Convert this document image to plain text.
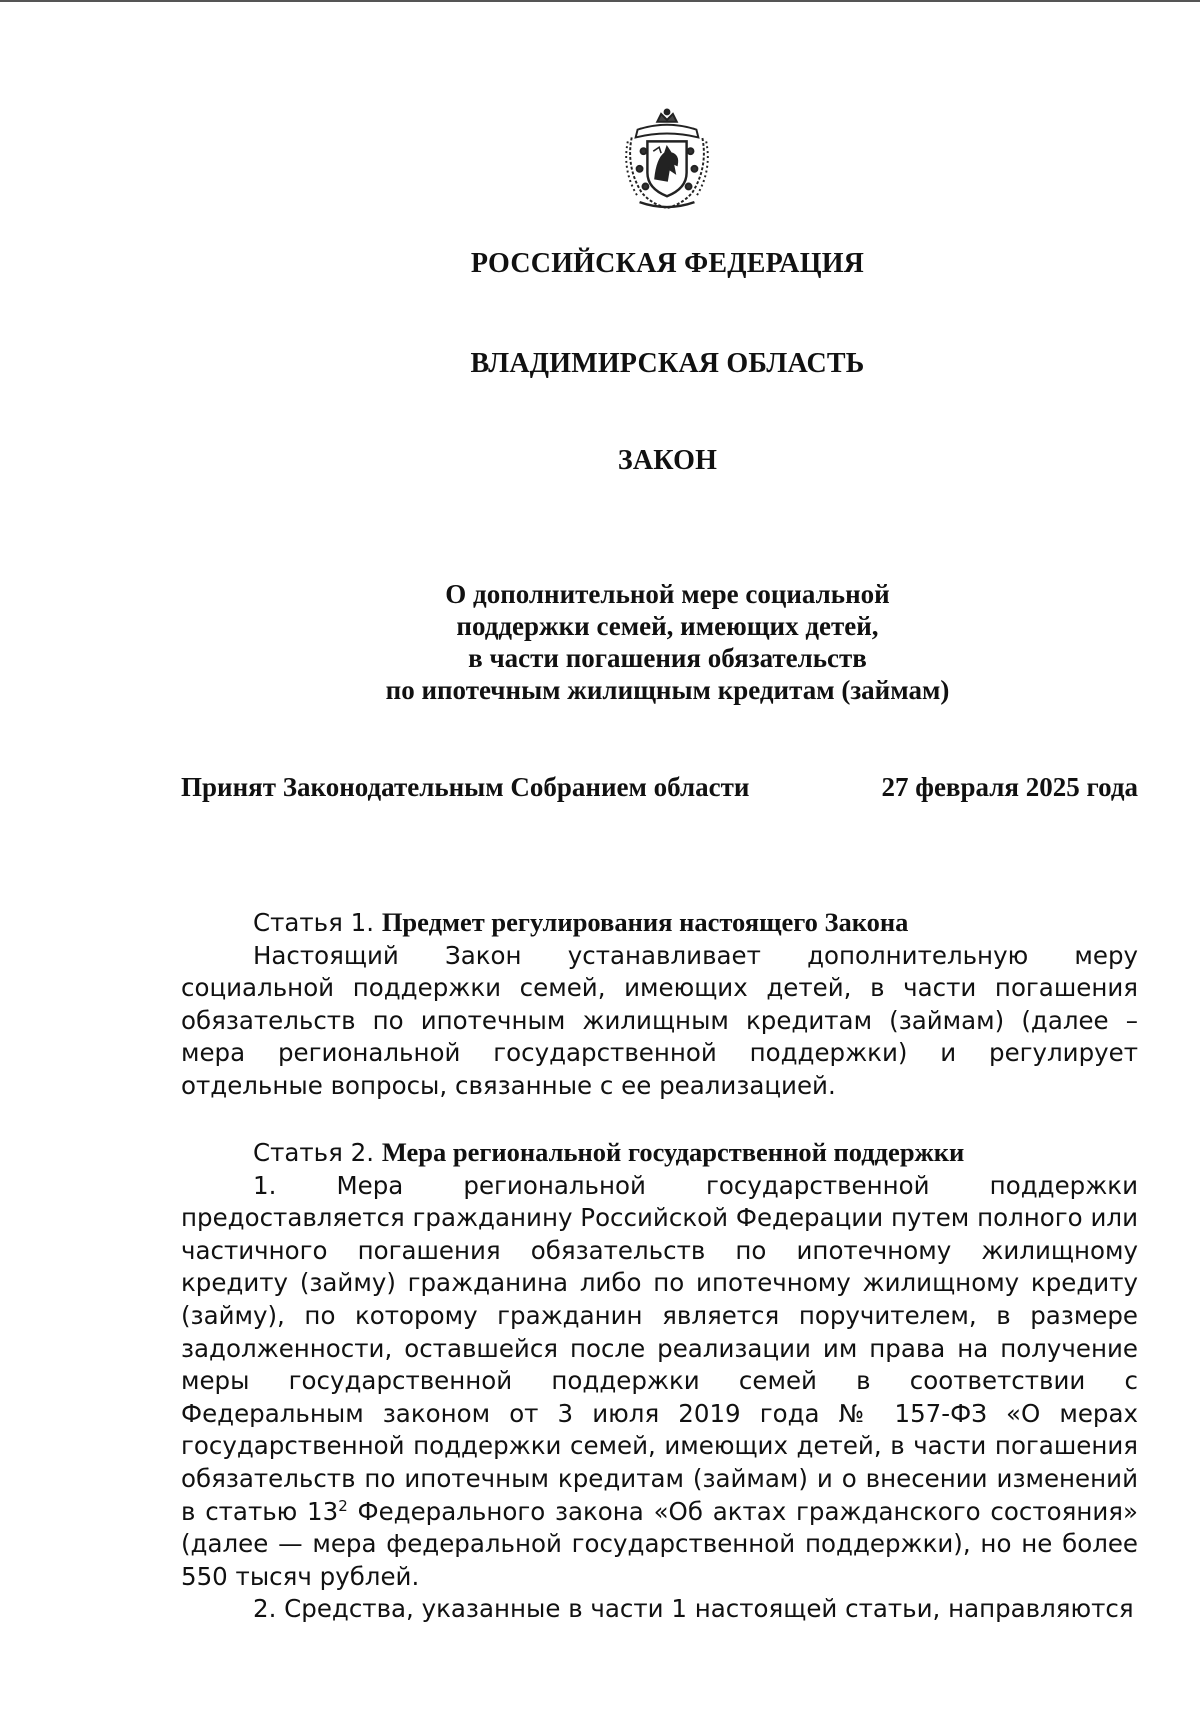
РОССИЙСКАЯ ФЕДЕРАЦИЯ
ВЛАДИМИРСКАЯ ОБЛАСТЬ
ЗАКОН
О дополнительной мере социальной
поддержки семей, имеющих детей,
в части погашения обязательств
по ипотечным жилищным кредитам (займам)
Принят Законодательным Собранием области	27 февраля 2025 года
Статья 1. Предмет регулирования настоящего Закона

Настоящий Закон устанавливает дополнительную меру социальной поддержки семей, имеющих детей, в части погашения обязательств по ипотечным жилищным кредитам (займам) (далее – мера региональной государственной поддержки) и регулирует отдельные вопросы, связанные с ее реализацией.

Статья 2. Мера региональной государственной поддержки

1. Мера региональной государственной поддержки предоставляется гражданину Российской Федерации путем полного или частичного погашения обязательств по ипотечному жилищному кредиту (займу) гражданина либо по ипотечному жилищному кредиту (займу), по которому гражданин является поручителем, в размере задолженности, оставшейся после реализации им права на получение меры государственной поддержки семей в соответствии с Федеральным законом от 3 июля 2019 года № 157-ФЗ «О мерах государственной поддержки семей, имеющих детей, в части погашения обязательств по ипотечным кредитам (займам) и о внесении изменений в статью $13^2$ Федерального закона «Об актах гражданского состояния» (далее — мера федеральной государственной поддержки), но не более 550 тысяч рублей.

2. Средства, указанные в части 1 настоящей статьи, направляются
